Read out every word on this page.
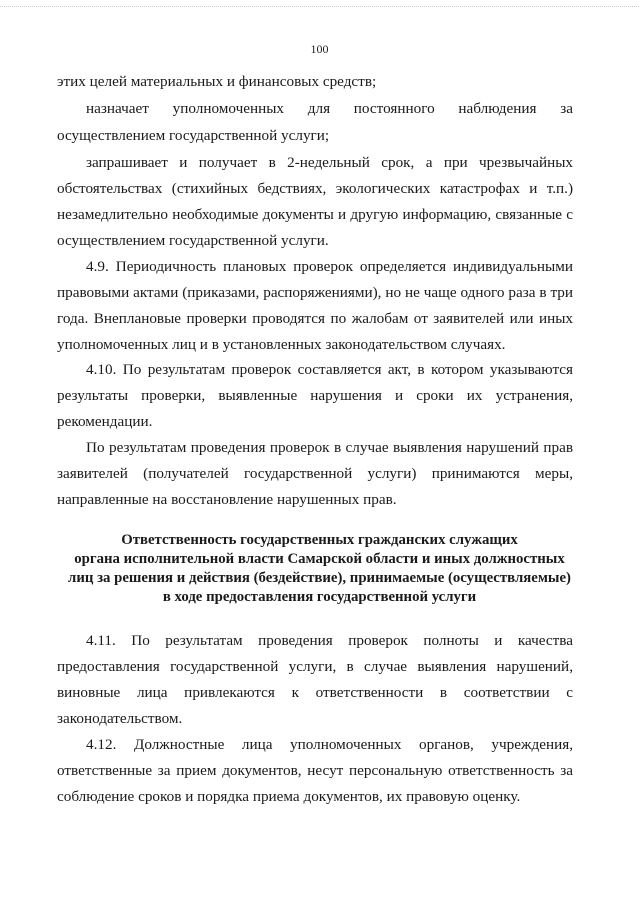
100
этих целей материальных и финансовых средств;
назначает уполномоченных для постоянного наблюдения за
осуществлением государственной услуги;
запрашивает и получает в 2-недельный срок, а при чрезвычайных
обстоятельствах (стихийных бедствиях, экологических катастрофах и т.п.)
незамедлительно необходимые документы и другую информацию, связанные с
осуществлением государственной услуги.
4.9. Периодичность плановых проверок определяется индивидуальными
правовыми актами (приказами, распоряжениями), но не чаще одного раза в три
года. Внеплановые проверки проводятся по жалобам от заявителей или иных
уполномоченных лиц и в установленных законодательством случаях.
4.10. По результатам проверок составляется акт, в котором указываются
результаты проверки, выявленные нарушения и сроки их устранения,
рекомендации.
По результатам проведения проверок в случае выявления нарушений прав
заявителей (получателей государственной услуги) принимаются меры,
направленные на восстановление нарушенных прав.
Ответственность государственных гражданских служащих
органа исполнительной власти Самарской области и иных должностных
лиц за решения и действия (бездействие), принимаемые (осуществляемые)
в ходе предоставления государственной услуги
4.11. По результатам проведения проверок полноты и качества
предоставления государственной услуги, в случае выявления нарушений,
виновные лица привлекаются к ответственности в соответствии с
законодательством.
4.12. Должностные лица уполномоченных органов, учреждения,
ответственные за прием документов, несут персональную ответственность за
соблюдение сроков и порядка приема документов, их правовую оценку.
